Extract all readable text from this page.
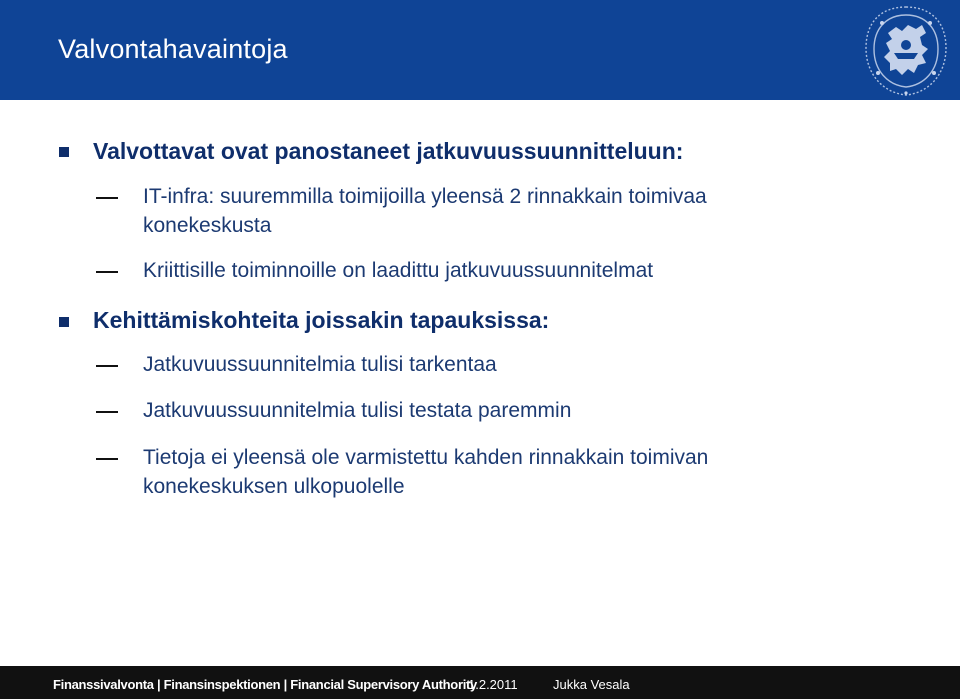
Valvontahavaintoja
Valvottavat ovat panostaneet jatkuvuussuunnitteluun:
IT-infra: suuremmilla toimijoilla yleensä 2 rinnakkain toimivaa
konekeskusta
Kriittisille toiminnoille on laadittu jatkuvuussuunnitelmat
Kehittämiskohteita joissakin tapauksissa:
Jatkuvuussuunnitelmia tulisi tarkentaa
Jatkuvuussuunnitelmia tulisi testata paremmin
Tietoja ei yleensä ole varmistettu kahden rinnakkain toimivan
konekeskuksen ulkopuolelle
Finanssivalvonta | Finansinspektionen | Financial Supervisory Authority
1.2.2011	Jukka Vesala
